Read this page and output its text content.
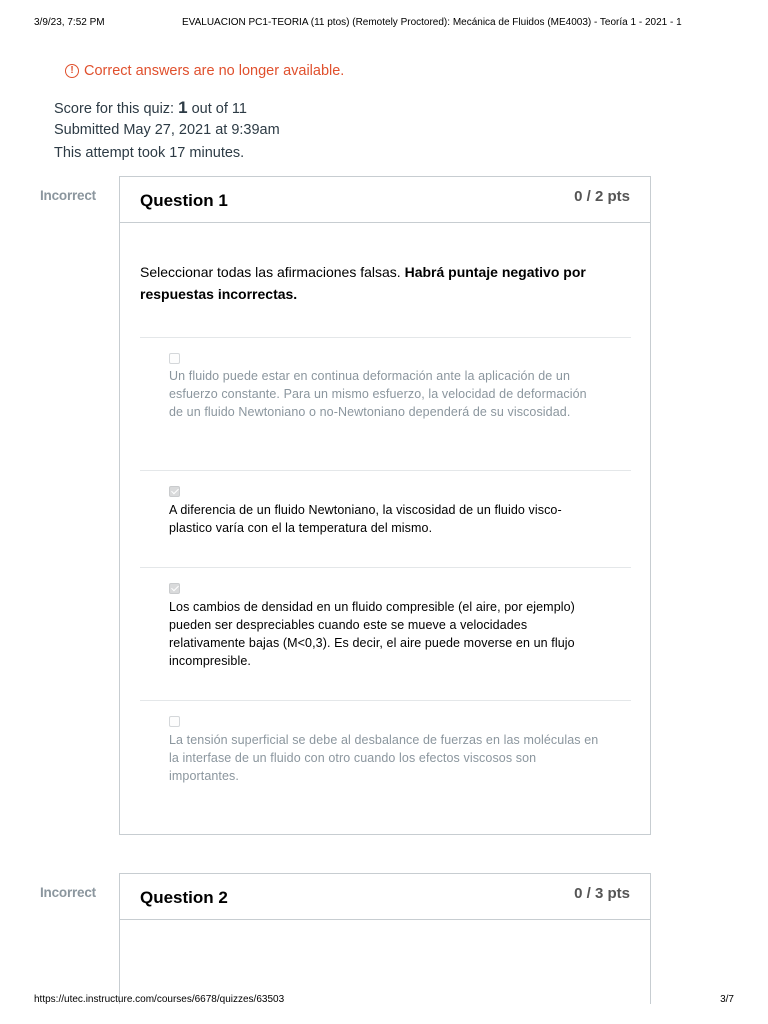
3/9/23, 7:52 PM	EVALUACION PC1-TEORIA (11 ptos) (Remotely Proctored): Mecánica de Fluidos (ME4003) - Teoría 1 - 2021 - 1
! Correct answers are no longer available.
Score for this quiz: 1 out of 11
Submitted May 27, 2021 at 9:39am
This attempt took 17 minutes.
Incorrect	Question 1	0 / 2 pts
Seleccionar todas las afirmaciones falsas. Habrá puntaje negativo por respuestas incorrectas.
Un fluido puede estar en continua deformación ante la aplicación de un esfuerzo constante. Para un mismo esfuerzo, la velocidad de deformación de un fluido Newtoniano o no-Newtoniano dependerá de su viscosidad.
A diferencia de un fluido Newtoniano, la viscosidad de un fluido visco-plastico varía con el la temperatura del mismo.
Los cambios de densidad en un fluido compresible (el aire, por ejemplo) pueden ser despreciables cuando este se mueve a velocidades relativamente bajas (M<0,3). Es decir, el aire puede moverse en un flujo incompresible.
La tensión superficial se debe al desbalance de fuerzas en las moléculas en la interfase de un fluido con otro cuando los efectos viscosos son importantes.
Incorrect	Question 2	0 / 3 pts
https://utec.instructure.com/courses/6678/quizzes/63503	3/7
